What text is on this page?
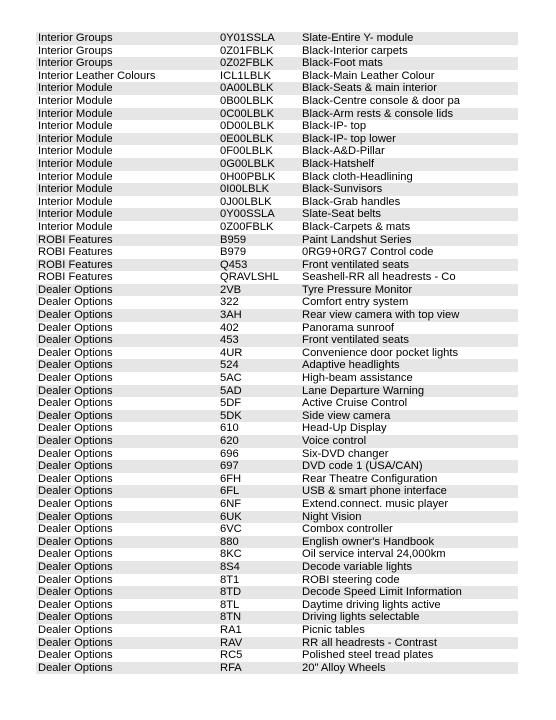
Interior Groups	0Y01SSLA	Slate-Entire Y- module
Interior Groups	0Z01FBLK	Black-Interior carpets
Interior Groups	0Z02FBLK	Black-Foot mats
Interior Leather Colours	ICL1LBLK	Black-Main Leather Colour
Interior Module	0A00LBLK	Black-Seats & main interior
Interior Module	0B00LBLK	Black-Centre console & door pa
Interior Module	0C00LBLK	Black-Arm rests & console lids
Interior Module	0D00LBLK	Black-IP- top
Interior Module	0E00LBLK	Black-IP- top lower
Interior Module	0F00LBLK	Black-A&D-Pillar
Interior Module	0G00LBLK	Black-Hatshelf
Interior Module	0H00PBLK	Black cloth-Headlining
Interior Module	0I00LBLK	Black-Sunvisors
Interior Module	0J00LBLK	Black-Grab handles
Interior Module	0Y00SSLA	Slate-Seat belts
Interior Module	0Z00FBLK	Black-Carpets & mats
ROBI Features	B959	Paint Landshut Series
ROBI Features	B979	0RG9+0RG7 Control code
ROBI Features	Q453	Front ventilated seats
ROBI Features	QRAVLSHL	Seashell-RR all headrests - Co
Dealer Options	2VB	Tyre Pressure Monitor
Dealer Options	322	Comfort entry system
Dealer Options	3AH	Rear view camera with top view
Dealer Options	402	Panorama sunroof
Dealer Options	453	Front ventilated seats
Dealer Options	4UR	Convenience door pocket lights
Dealer Options	524	Adaptive headlights
Dealer Options	5AC	High-beam assistance
Dealer Options	5AD	Lane Departure Warning
Dealer Options	5DF	Active Cruise Control
Dealer Options	5DK	Side view camera
Dealer Options	610	Head-Up Display
Dealer Options	620	Voice control
Dealer Options	696	Six-DVD changer
Dealer Options	697	DVD code 1 (USA/CAN)
Dealer Options	6FH	Rear Theatre Configuration
Dealer Options	6FL	USB & smart phone interface
Dealer Options	6NF	Extend.connect. music player
Dealer Options	6UK	Night Vision
Dealer Options	6VC	Combox controller
Dealer Options	880	English owner's Handbook
Dealer Options	8KC	Oil service interval 24,000km
Dealer Options	8S4	Decode variable lights
Dealer Options	8T1	ROBI steering code
Dealer Options	8TD	Decode Speed Limit Information
Dealer Options	8TL	Daytime driving lights active
Dealer Options	8TN	Driving lights selectable
Dealer Options	RA1	Picnic tables
Dealer Options	RAV	RR all headrests - Contrast
Dealer Options	RC5	Polished steel tread plates
Dealer Options	RFA	20" Alloy Wheels
